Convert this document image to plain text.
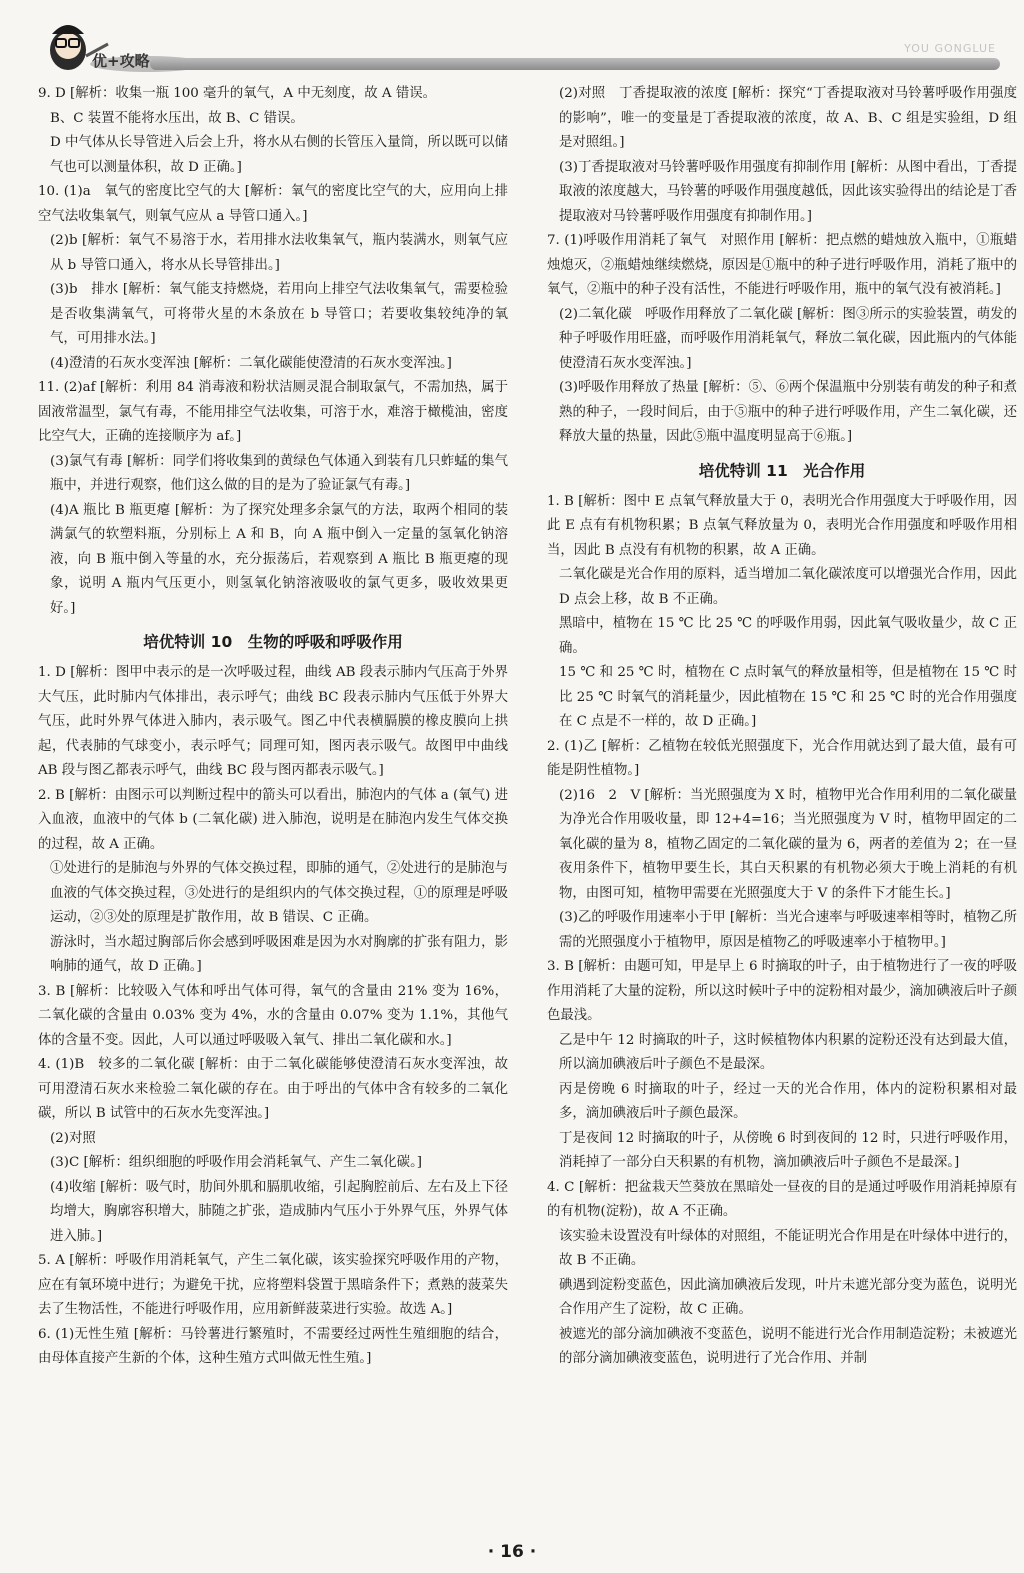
优+攻略
YOU GONGLUE
9. D [解析：收集一瓶 100 毫升的氧气，A 中无刻度，故 A 错误。
B、C 装置不能将水压出，故 B、C 错误。
D 中气体从长导管进入后会上升，将水从右侧的长管压入量筒，所以既可以储气也可以测量体积，故 D 正确。]
10. (1)a　氧气的密度比空气的大 [解析：氧气的密度比空气的大，应用向上排空气法收集氧气，则氧气应从 a 导管口通入。]
(2)b [解析：氧气不易溶于水，若用排水法收集氧气，瓶内装满水，则氧气应从 b 导管口通入，将水从长导管排出。]
(3)b　排水 [解析：氧气能支持燃烧，若用向上排空气法收集氧气，需要检验是否收集满氧气，可将带火星的木条放在 b 导管口；若要收集较纯净的氧气，可用排水法。]
(4)澄清的石灰水变浑浊 [解析：二氧化碳能使澄清的石灰水变浑浊。]
11. (2)af [解析：利用 84 消毒液和粉状洁厕灵混合制取氯气，不需加热，属于固液常温型，氯气有毒，不能用排空气法收集，可溶于水，难溶于橄榄油，密度比空气大，正确的连接顺序为 af。]
(3)氯气有毒 [解析：同学们将收集到的黄绿色气体通入到装有几只蚱蜢的集气瓶中，并进行观察，他们这么做的目的是为了验证氯气有毒。]
(4)A 瓶比 B 瓶更瘪 [解析：为了探究处理多余氯气的方法，取两个相同的装满氯气的软塑料瓶，分别标上 A 和 B，向 A 瓶中倒入一定量的氢氧化钠溶液，向 B 瓶中倒入等量的水，充分振荡后，若观察到 A 瓶比 B 瓶更瘪的现象，说明 A 瓶内气压更小，则氢氧化钠溶液吸收的氯气更多，吸收效果更好。]
培优特训 10　生物的呼吸和呼吸作用
1. D [解析：图甲中表示的是一次呼吸过程，曲线 AB 段表示肺内气压高于外界大气压，此时肺内气体排出，表示呼气；曲线 BC 段表示肺内气压低于外界大气压，此时外界气体进入肺内，表示吸气。图乙中代表横膈膜的橡皮膜向上拱起，代表肺的气球变小，表示呼气；同理可知，图丙表示吸气。故图甲中曲线 AB 段与图乙都表示呼气，曲线 BC 段与图丙都表示吸气。]
2. B [解析：由图示可以判断过程中的箭头可以看出，肺泡内的气体 a (氧气) 进入血液，血液中的气体 b (二氧化碳) 进入肺泡，说明是在肺泡内发生气体交换的过程，故 A 正确。
①处进行的是肺泡与外界的气体交换过程，即肺的通气，②处进行的是肺泡与血液的气体交换过程，③处进行的是组织内的气体交换过程，①的原理是呼吸运动，②③处的原理是扩散作用，故 B 错误、C 正确。
游泳时，当水超过胸部后你会感到呼吸困难是因为水对胸廓的扩张有阻力，影响肺的通气，故 D 正确。]
3. B [解析：比较吸入气体和呼出气体可得，氧气的含量由 21% 变为 16%，二氧化碳的含量由 0.03% 变为 4%，水的含量由 0.07% 变为 1.1%，其他气体的含量不变。因此，人可以通过呼吸吸入氧气、排出二氧化碳和水。]
4. (1)B　较多的二氧化碳 [解析：由于二氧化碳能够使澄清石灰水变浑浊，故可用澄清石灰水来检验二氧化碳的存在。由于呼出的气体中含有较多的二氧化碳，所以 B 试管中的石灰水先变浑浊。]
(2)对照
(3)C [解析：组织细胞的呼吸作用会消耗氧气、产生二氧化碳。]
(4)收缩 [解析：吸气时，肋间外肌和膈肌收缩，引起胸腔前后、左右及上下径均增大，胸廓容积增大，肺随之扩张，造成肺内气压小于外界气压，外界气体进入肺。]
5. A [解析：呼吸作用消耗氧气，产生二氧化碳，该实验探究呼吸作用的产物，应在有氧环境中进行；为避免干扰，应将塑料袋置于黑暗条件下；煮熟的菠菜失去了生物活性，不能进行呼吸作用，应用新鲜菠菜进行实验。故选 A。]
6. (1)无性生殖 [解析：马铃薯进行繁殖时，不需要经过两性生殖细胞的结合，由母体直接产生新的个体，这种生殖方式叫做无性生殖。]
(2)对照　丁香提取液的浓度 [解析：探究“丁香提取液对马铃薯呼吸作用强度的影响”，唯一的变量是丁香提取液的浓度，故 A、B、C 组是实验组，D 组是对照组。]
(3)丁香提取液对马铃薯呼吸作用强度有抑制作用 [解析：从图中看出，丁香提取液的浓度越大，马铃薯的呼吸作用强度越低，因此该实验得出的结论是丁香提取液对马铃薯呼吸作用强度有抑制作用。]
7. (1)呼吸作用消耗了氧气　对照作用 [解析：把点燃的蜡烛放入瓶中，①瓶蜡烛熄灭，②瓶蜡烛继续燃烧，原因是①瓶中的种子进行呼吸作用，消耗了瓶中的氧气，②瓶中的种子没有活性，不能进行呼吸作用，瓶中的氧气没有被消耗。]
(2)二氧化碳　呼吸作用释放了二氧化碳 [解析：图③所示的实验装置，萌发的种子呼吸作用旺盛，而呼吸作用消耗氧气，释放二氧化碳，因此瓶内的气体能使澄清石灰水变浑浊。]
(3)呼吸作用释放了热量 [解析：⑤、⑥两个保温瓶中分别装有萌发的种子和煮熟的种子，一段时间后，由于⑤瓶中的种子进行呼吸作用，产生二氧化碳，还释放大量的热量，因此⑤瓶中温度明显高于⑥瓶。]
培优特训 11　光合作用
1. B [解析：图中 E 点氧气释放量大于 0，表明光合作用强度大于呼吸作用，因此 E 点有有机物积累；B 点氧气释放量为 0，表明光合作用强度和呼吸作用相当，因此 B 点没有有机物的积累，故 A 正确。
二氧化碳是光合作用的原料，适当增加二氧化碳浓度可以增强光合作用，因此 D 点会上移，故 B 不正确。
黑暗中，植物在 15 ℃ 比 25 ℃ 的呼吸作用弱，因此氧气吸收量少，故 C 正确。
15 ℃ 和 25 ℃ 时，植物在 C 点时氧气的释放量相等，但是植物在 15 ℃ 时比 25 ℃ 时氧气的消耗量少，因此植物在 15 ℃ 和 25 ℃ 时的光合作用强度在 C 点是不一样的，故 D 正确。]
2. (1)乙 [解析：乙植物在较低光照强度下，光合作用就达到了最大值，最有可能是阴性植物。]
(2)16　2　V [解析：当光照强度为 X 时，植物甲光合作用利用的二氧化碳量为净光合作用吸收量，即 12+4=16；当光照强度为 V 时，植物甲固定的二氧化碳的量为 8，植物乙固定的二氧化碳的量为 6，两者的差值为 2；在一昼夜用条件下，植物甲要生长，其白天积累的有机物必须大于晚上消耗的有机物，由图可知，植物甲需要在光照强度大于 V 的条件下才能生长。]
(3)乙的呼吸作用速率小于甲 [解析：当光合速率与呼吸速率相等时，植物乙所需的光照强度小于植物甲，原因是植物乙的呼吸速率小于植物甲。]
3. B [解析：由题可知，甲是早上 6 时摘取的叶子，由于植物进行了一夜的呼吸作用消耗了大量的淀粉，所以这时候叶子中的淀粉相对最少，滴加碘液后叶子颜色最浅。
乙是中午 12 时摘取的叶子，这时候植物体内积累的淀粉还没有达到最大值，所以滴加碘液后叶子颜色不是最深。
丙是傍晚 6 时摘取的叶子，经过一天的光合作用，体内的淀粉积累相对最多，滴加碘液后叶子颜色最深。
丁是夜间 12 时摘取的叶子，从傍晚 6 时到夜间的 12 时，只进行呼吸作用，消耗掉了一部分白天积累的有机物，滴加碘液后叶子颜色不是最深。]
4. C [解析：把盆栽天竺葵放在黑暗处一昼夜的目的是通过呼吸作用消耗掉原有的有机物(淀粉)，故 A 不正确。
该实验未设置没有叶绿体的对照组，不能证明光合作用是在叶绿体中进行的，故 B 不正确。
碘遇到淀粉变蓝色，因此滴加碘液后发现，叶片未遮光部分变为蓝色，说明光合作用产生了淀粉，故 C 正确。
被遮光的部分滴加碘液不变蓝色，说明不能进行光合作用制造淀粉；未被遮光的部分滴加碘液变蓝色，说明进行了光合作用、并制
· 16 ·
